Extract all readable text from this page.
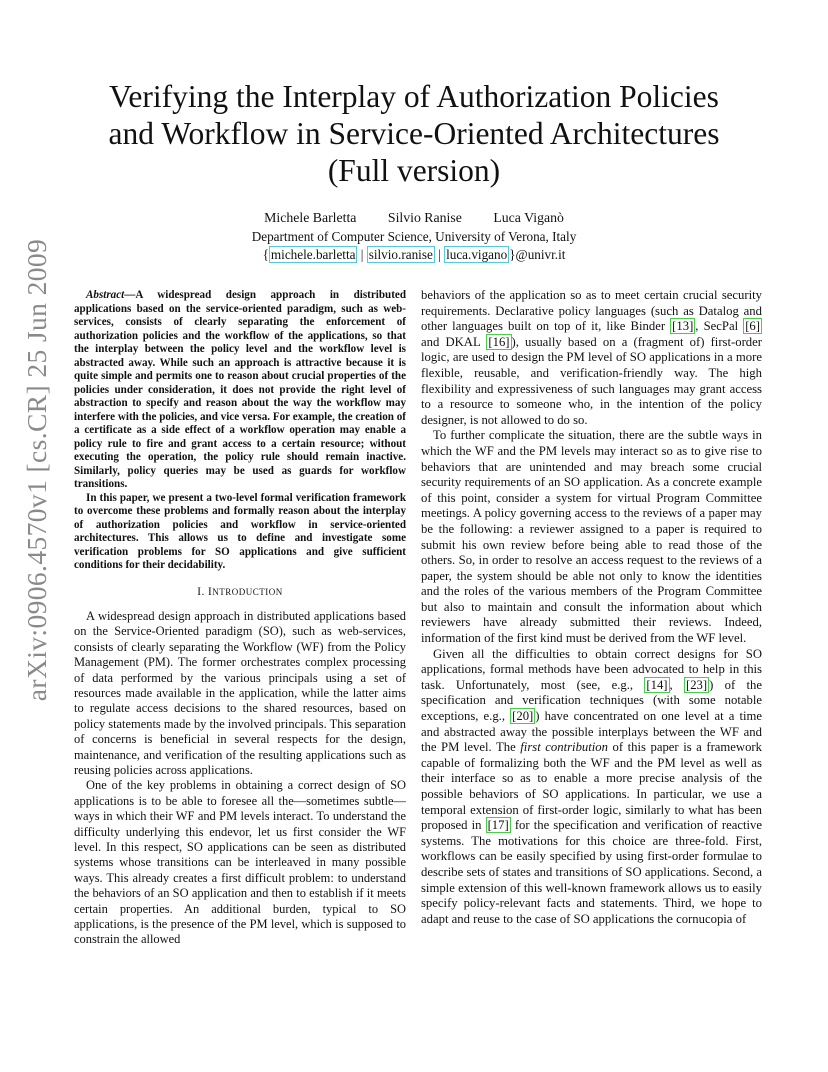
arXiv:0906.4570v1 [cs.CR] 25 Jun 2009
Verifying the Interplay of Authorization Policies
and Workflow in Service-Oriented Architectures
(Full version)
Michele Barletta Silvio Ranise Luca Viganò
Department of Computer Science, University of Verona, Italy
{ michele.barletta | silvio.ranise | luca.vigano }@univr.it

Abstract—A widespread design approach in distributed applications based on the service-oriented paradigm, such as web-services, consists of clearly separating the enforcement of authorization policies and the workflow of the applications, so that the interplay between the policy level and the workflow level is abstracted away. While such an approach is attractive because it is quite simple and permits one to reason about crucial properties of the policies under consideration, it does not provide the right level of abstraction to specify and reason about the way the workflow may interfere with the policies, and vice versa. For example, the creation of a certificate as a side effect of a workflow operation may enable a policy rule to fire and grant access to a certain resource; without executing the operation, the policy rule should remain inactive. Similarly, policy queries may be used as guards for workflow transitions.

In this paper, we present a two-level formal verification framework to overcome these problems and formally reason about the interplay of authorization policies and workflow in service-oriented architectures. This allows us to define and investigate some verification problems for SO applications and give sufficient conditions for their decidability.

I. INTRODUCTION

A widespread design approach in distributed applications based on the Service-Oriented paradigm (SO), such as web-services, consists of clearly separating the Workflow (WF) from the Policy Management (PM). The former orchestrates complex processing of data performed by the various principals using a set of resources made available in the application, while the latter aims to regulate access decisions to the shared resources, based on policy statements made by the involved principals. This separation of concerns is beneficial in several respects for the design, maintenance, and verification of the resulting applications such as reusing policies across applications.

One of the key problems in obtaining a correct design of SO applications is to be able to foresee all the—sometimes subtle—ways in which their WF and PM levels interact. To understand the difficulty underlying this endevor, let us first consider the WF level. In this respect, SO applications can be seen as distributed systems whose transitions can be interleaved in many possible ways. This already creates a first difficult problem: to understand the behaviors of an SO application and then to establish if it meets certain properties. An additional burden, typical to SO applications, is the presence of the PM level, which is supposed to constrain the allowed

behaviors of the application so as to meet certain crucial security requirements. Declarative policy languages (such as Datalog and other languages built on top of it, like Binder [13] , SecPal [6] and DKAL [16] ), usually based on a (fragment of) first-order logic, are used to design the PM level of SO applications in a more flexible, reusable, and verification-friendly way. The high flexibility and expressiveness of such languages may grant access to a resource to someone who, in the intention of the policy designer, is not allowed to do so.

To further complicate the situation, there are the subtle ways in which the WF and the PM levels may interact so as to give rise to behaviors that are unintended and may breach some crucial security requirements of an SO application. As a concrete example of this point, consider a system for virtual Program Committee meetings. A policy governing access to the reviews of a paper may be the following: a reviewer assigned to a paper is required to submit his own review before being able to read those of the others. So, in order to resolve an access request to the reviews of a paper, the system should be able not only to know the identities and the roles of the various members of the Program Committee but also to maintain and consult the information about which reviewers have already submitted their reviews. Indeed, information of the first kind must be derived from the WF level.

Given all the difficulties to obtain correct designs for SO applications, formal methods have been advocated to help in this task. Unfortunately, most (see, e.g., [14] , [23] ) of the specification and verification techniques (with some notable exceptions, e.g., [20] ) have concentrated on one level at a time and abstracted away the possible interplays between the WF and the PM level. The first contribution of this paper is a framework capable of formalizing both the WF and the PM level as well as their interface so as to enable a more precise analysis of the possible behaviors of SO applications. In particular, we use a temporal extension of first-order logic, similarly to what has been proposed in [17] for the specification and verification of reactive systems. The motivations for this choice are three-fold. First, workflows can be easily specified by using first-order formulae to describe sets of states and transitions of SO applications. Second, a simple extension of this well-known framework allows us to easily specify policy-relevant facts and statements. Third, we hope to adapt and reuse to the case of SO applications the cornucopia of
